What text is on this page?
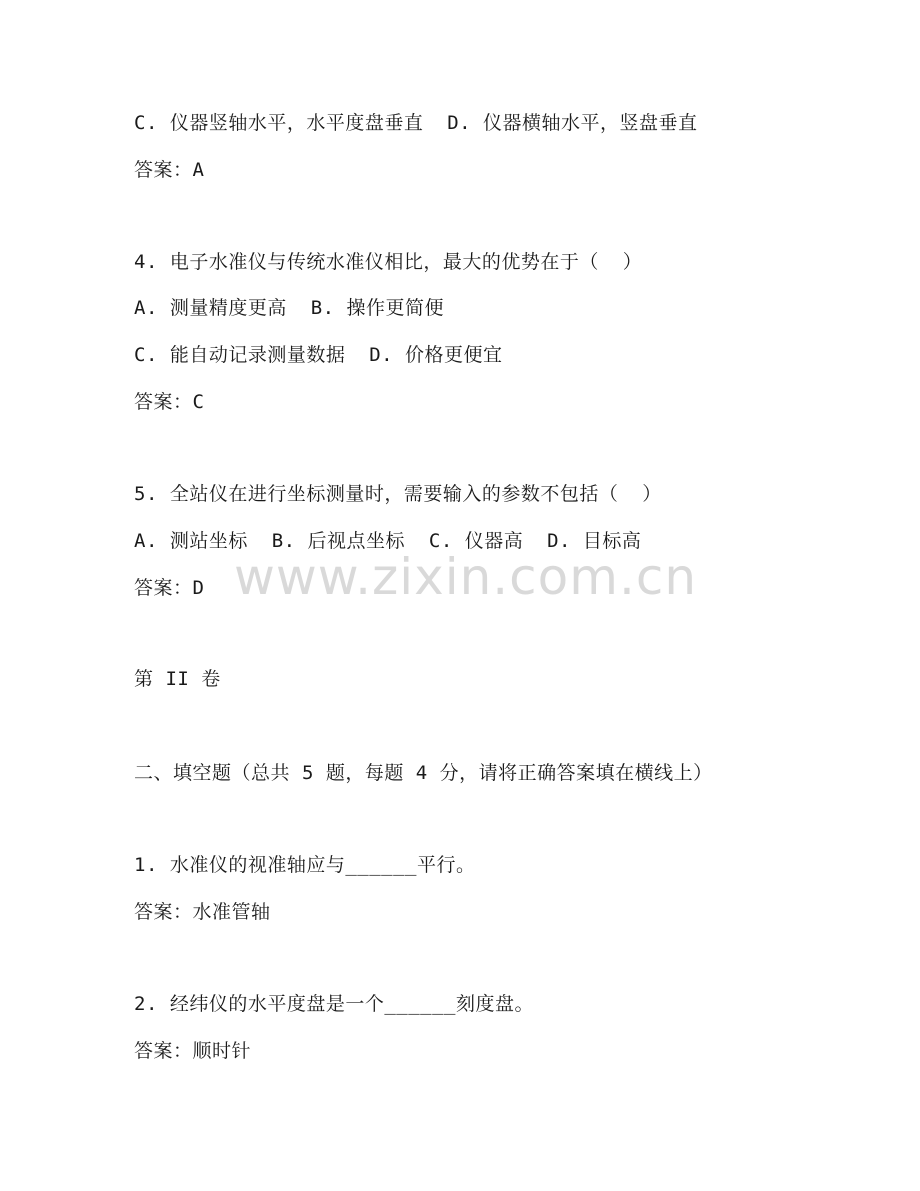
C. 仪器竖轴水平，水平度盘垂直  D. 仪器横轴水平，竖盘垂直
答案：A
4. 电子水准仪与传统水准仪相比，最大的优势在于（  ）
A. 测量精度更高  B. 操作更简便
C. 能自动记录测量数据  D. 价格更便宜
答案：C
5. 全站仪在进行坐标测量时，需要输入的参数不包括（  ）
A. 测站坐标  B. 后视点坐标  C. 仪器高  D. 目标高
答案：D
第 II 卷
二、填空题（总共 5 题，每题 4 分，请将正确答案填在横线上）
1. 水准仪的视准轴应与______平行。
答案：水准管轴
2. 经纬仪的水平度盘是一个______刻度盘。
答案：顺时针
www.zixin.com.cn
